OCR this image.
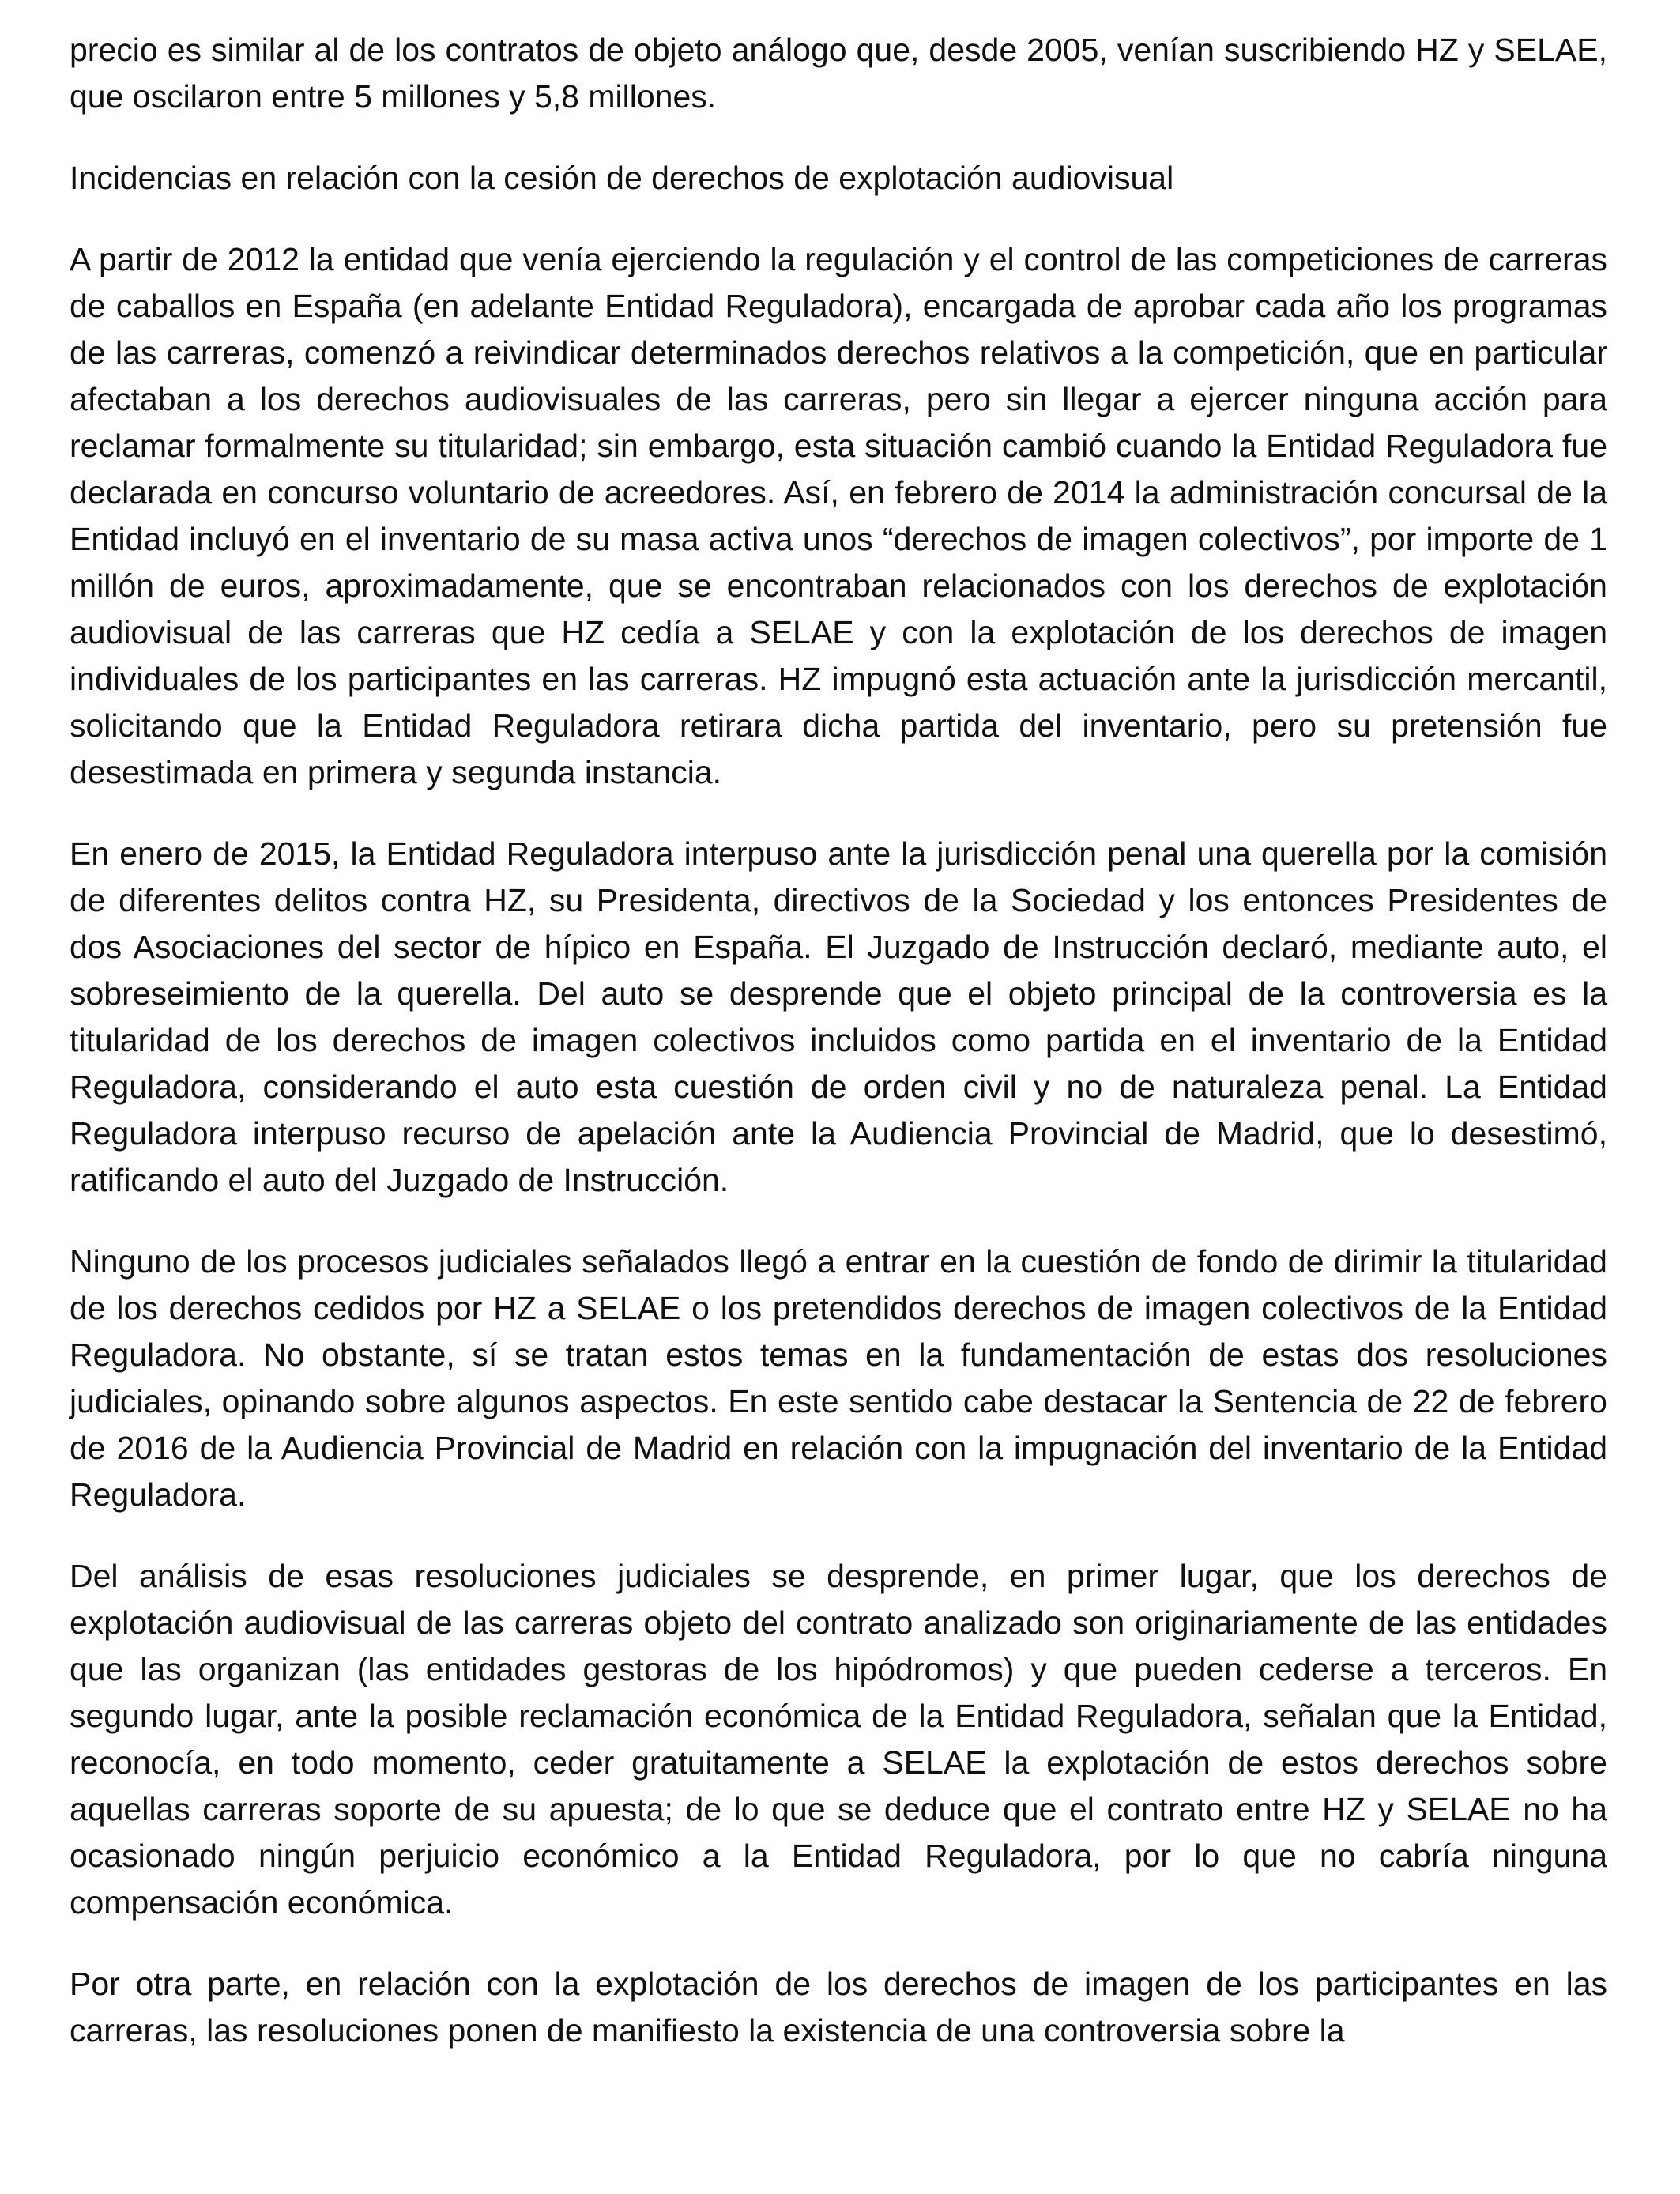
precio es similar al de los contratos de objeto análogo que, desde 2005, venían suscribiendo HZ y SELAE, que oscilaron entre 5 millones y 5,8 millones.

Incidencias en relación con la cesión de derechos de explotación audiovisual

A partir de 2012 la entidad que venía ejerciendo la regulación y el control de las competiciones de carreras de caballos en España (en adelante Entidad Reguladora), encargada de aprobar cada año los programas de las carreras, comenzó a reivindicar determinados derechos relativos a la competición, que en particular afectaban a los derechos audiovisuales de las carreras, pero sin llegar a ejercer ninguna acción para reclamar formalmente su titularidad; sin embargo, esta situación cambió cuando la Entidad Reguladora fue declarada en concurso voluntario de acreedores. Así, en febrero de 2014 la administración concursal de la Entidad incluyó en el inventario de su masa activa unos “derechos de imagen colectivos”, por importe de 1 millón de euros, aproximadamente, que se encontraban relacionados con los derechos de explotación audiovisual de las carreras que HZ cedía a SELAE y con la explotación de los derechos de imagen individuales de los participantes en las carreras. HZ impugnó esta actuación ante la jurisdicción mercantil, solicitando que la Entidad Reguladora retirara dicha partida del inventario, pero su pretensión fue desestimada en primera y segunda instancia.

En enero de 2015, la Entidad Reguladora interpuso ante la jurisdicción penal una querella por la comisión de diferentes delitos contra HZ, su Presidenta, directivos de la Sociedad y los entonces Presidentes de dos Asociaciones del sector de hípico en España. El Juzgado de Instrucción declaró, mediante auto, el sobreseimiento de la querella. Del auto se desprende que el objeto principal de la controversia es la titularidad de los derechos de imagen colectivos incluidos como partida en el inventario de la Entidad Reguladora, considerando el auto esta cuestión de orden civil y no de naturaleza penal. La Entidad Reguladora interpuso recurso de apelación ante la Audiencia Provincial de Madrid, que lo desestimó, ratificando el auto del Juzgado de Instrucción.

Ninguno de los procesos judiciales señalados llegó a entrar en la cuestión de fondo de dirimir la titularidad de los derechos cedidos por HZ a SELAE o los pretendidos derechos de imagen colectivos de la Entidad Reguladora. No obstante, sí se tratan estos temas en la fundamentación de estas dos resoluciones judiciales, opinando sobre algunos aspectos. En este sentido cabe destacar la Sentencia de 22 de febrero de 2016 de la Audiencia Provincial de Madrid en relación con la impugnación del inventario de la Entidad Reguladora.

Del análisis de esas resoluciones judiciales se desprende, en primer lugar, que los derechos de explotación audiovisual de las carreras objeto del contrato analizado son originariamente de las entidades que las organizan (las entidades gestoras de los hipódromos) y que pueden cederse a terceros. En segundo lugar, ante la posible reclamación económica de la Entidad Reguladora, señalan que la Entidad, reconocía, en todo momento, ceder gratuitamente a SELAE la explotación de estos derechos sobre aquellas carreras soporte de su apuesta; de lo que se deduce que el contrato entre HZ y SELAE no ha ocasionado ningún perjuicio económico a la Entidad Reguladora, por lo que no cabría ninguna compensación económica.

Por otra parte, en relación con la explotación de los derechos de imagen de los participantes en las carreras, las resoluciones ponen de manifiesto la existencia de una controversia sobre la
